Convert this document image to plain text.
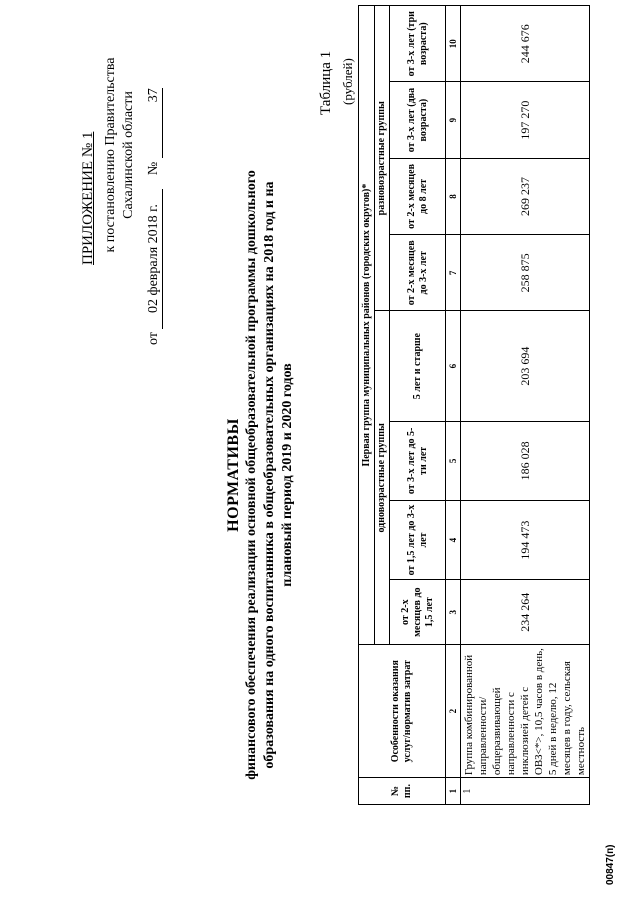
ПРИЛОЖЕНИЕ № 1 к постановлению Правительства Сахалинской области
от 02 февраля 2018 г. № 37
НОРМАТИВЫ финансового обеспечения реализации основной общеобразовательной программы дошкольного образования на одного воспитанника в общеобразовательных организациях на 2018 год и на плановый период 2019 и 2020 годов
Таблица 1 (рублей)
№ пп.	Особенности оказания услуг/норматив затрат	Первая группа муниципальных районов (городских округов)*							
		одновозрастные группы				разновозрастные группы			
		от 2-х месяцев до 1,5 лет	от 1,5 лет до 3-х лет	от 3-х лет до 5-ти лет	5 лет и старше	от 2-х месяцев до 3-х лет	от 2-х месяцев до 8 лет	от 3-х лет (два возраста)	от 3-х лет (три возраста)
1	2	3	4	5	6	7	8	9	10
1	Группа комбинированной направленности/ общеразвивающей направленности с инклюзией детей с ОВЗ<*>, 10,5 часов в день, 5 дней в неделю, 12 месяцев в году, сельская местность	234 264	194 473	186 028	203 694	258 875	269 237	197 270	244 676
00847(п)
